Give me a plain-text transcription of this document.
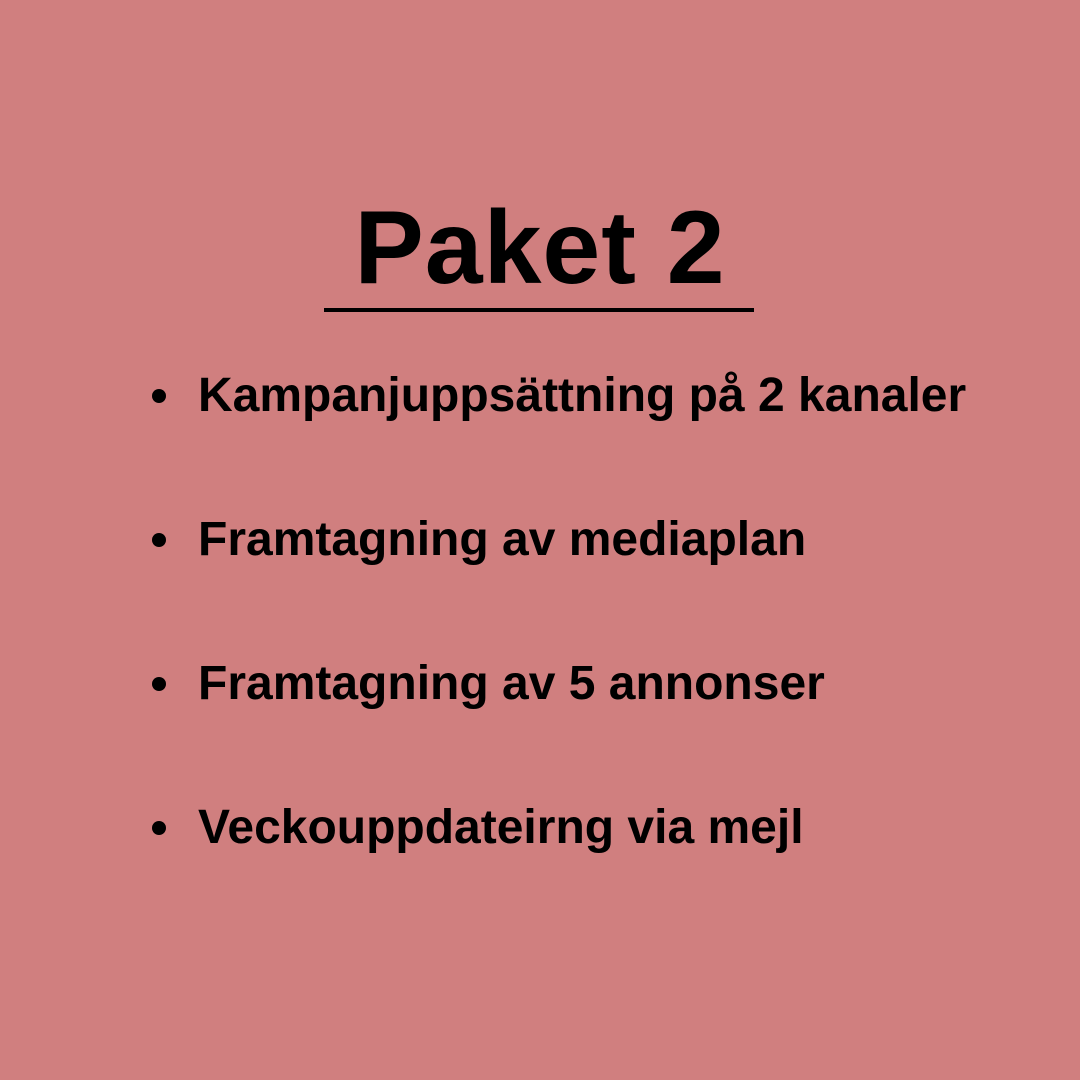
Paket 2
Kampanjuppsättning på 2 kanaler
Framtagning av mediaplan
Framtagning av 5 annonser
Veckouppdateirng via mejl
